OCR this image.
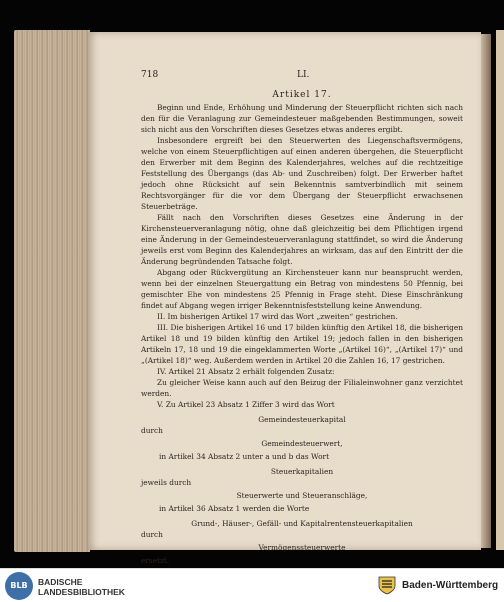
718	LI.
Artikel 17.

Beginn und Ende, Erhöhung und Minderung der Steuerpflicht richten sich nach den für die Veranlagung zur Gemeindesteuer maßgebenden Bestimmungen, soweit sich nicht aus den Vorschriften dieses Gesetzes etwas anderes ergibt.

Insbesondere ergreift bei den Steuerwerten des Liegenschaftsvermögens, welche von einem Steuerpflichtigen auf einen anderen übergehen, die Steuerpflicht den Erwerber mit dem Beginn des Kalenderjahres, welches auf die rechtzeitige Feststellung des Übergangs (das Ab- und Zuschreiben) folgt. Der Erwerber haftet jedoch ohne Rücksicht auf sein Bekenntnis samtverbindlich mit seinem Rechtsvorgänger für die vor dem Übergang der Steuerpflicht erwachsenen Steuerbeträge.

Fällt nach den Vorschriften dieses Gesetzes eine Änderung in der Kirchensteuerveranlagung nötig, ohne daß gleichzeitig bei dem Pflichtigen irgend eine Änderung in der Gemeindesteuerveranlagung stattfindet, so wird die Änderung jeweils erst vom Beginn des Kalenderjahres an wirksam, das auf den Eintritt der die Änderung begründenden Tatsache folgt.

Abgang oder Rückvergütung an Kirchensteuer kann nur beansprucht werden, wenn bei der einzelnen Steuergattung ein Betrag von mindestens 50 Pfennig, bei gemischter Ehe von mindestens 25 Pfennig in Frage steht. Diese Einschränkung findet auf Abgang wegen irriger Bekenntnisfeststellung keine Anwendung.

II. Im bisherigen Artikel 17 wird das Wort „zweiten“ gestrichen.

III. Die bisherigen Artikel 16 und 17 bilden künftig den Artikel 18, die bisherigen Artikel 18 und 19 bilden künftig den Artikel 19; jedoch fallen in den bisherigen Artikeln 17, 18 und 19 die eingeklammerten Worte „(Artikel 16)“, „(Artikel 17)“ und „(Artikel 18)“ weg. Außerdem werden in Artikel 20 die Zahlen 16, 17 gestrichen.

IV. Artikel 21 Absatz 2 erhält folgenden Zusatz:

Zu gleicher Weise kann auch auf den Beizug der Filialeinwohner ganz verzichtet werden.

V. Zu Artikel 23 Absatz 1 Ziffer 3 wird das Wort

Gemeindesteuerkapital
durch
Gemeindesteuerwert,
in Artikel 34 Absatz 2 unter a und b das Wort
Steuerkapitalien
jeweils durch
Steuerwerte und Steueranschläge,
in Artikel 36 Absatz 1 werden die Worte
Grund-, Häuser-, Gefäll- und Kapitalrentensteuerkapitalien
durch
Vermögenssteuerwerte
ersetzt.
BLB	BADISCHE
LANDESBIBLIOTHEK
Baden-Württemberg
